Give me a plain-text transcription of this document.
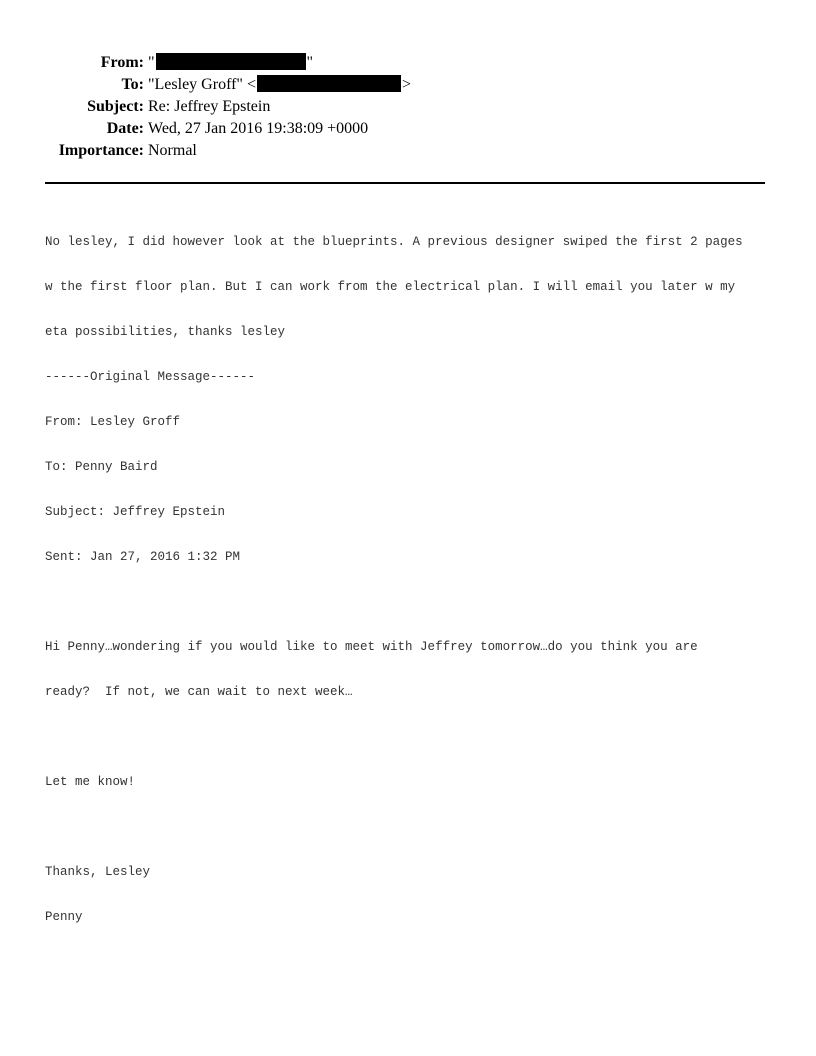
From: "	"
To: "Lesley Groff" <	>
Subject: Re: Jeffrey Epstein
Date: Wed, 27 Jan 2016 19:38:09 +0000
Importance: Normal

No lesley, I did however look at the blueprints. A previous designer swiped the first 2 pages

w the first floor plan. But I can work from the electrical plan. I will email you later w my

eta possibilities, thanks lesley

------Original Message------

From: Lesley Groff

To: Penny Baird

Subject: Jeffrey Epstein

Sent: Jan 27, 2016 1:32 PM

Hi Penny…wondering if you would like to meet with Jeffrey tomorrow…do you think you are

ready?  If not, we can wait to next week…

Let me know!

Thanks, Lesley

Penny
